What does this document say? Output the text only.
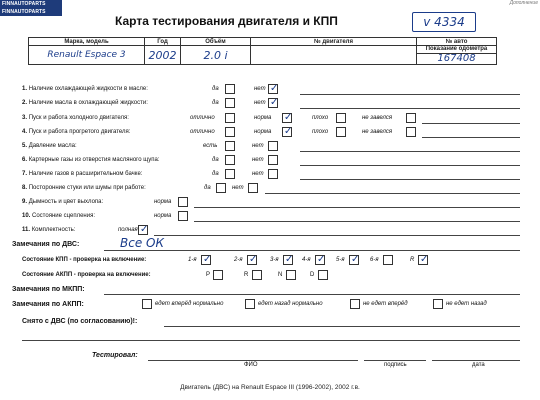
FINNAUTOPARTS
FINNAUTOPARTS
Дополнение
Карта тестирования двигателя и КПП	v 4334
Марка, модель	Год	Объём	№ двигателя	№ авто
Renault Espace 3	2002	2.0 i		Показание одометра
167408
1. Наличие охлаждающей жидкости в масле:	да	нет ✓
2. Наличие масла в охлаждающей жидкости:	да	нет ✓
3. Пуск и работа холодного двигателя:	отлично	норма ✓	плохо	не завелся
4. Пуск и работа прогретого двигателя:	отлично	норма ✓	плохо	не завелся
5. Давление масла:	есть	нет
6. Картерные газы из отверстия масляного щупа:	да	нет
7. Наличие газов в расширительном бачке:	да	нет
8. Посторонние стуки или шумы при работе:	да	нет
9. Дымность и цвет выхлопа:	норма
10. Состояние сцепления:	норма
11. Комплектность:	полная ✓
Замечания по ДВС:	Все ОК
Состояние КПП - проверка на включение:	1-я ✓	2-я ✓ 3-я ✓ 4-я ✓ 5-я ✓ 6-я	R ✓
Состояние АКПП - проверка на включение:	P	R	N	D
Замечания по МКПП:
Замечания по АКПП:	едет вперёд нормально	едет назад нормально	не едет вперёд	не едет назад
Снято с ДВС (по согласованию)!:
Тестировал:
ФИО	подпись	дата
Двигатель (ДВС) на Renault Espace III (1996-2002), 2002 г.в.
